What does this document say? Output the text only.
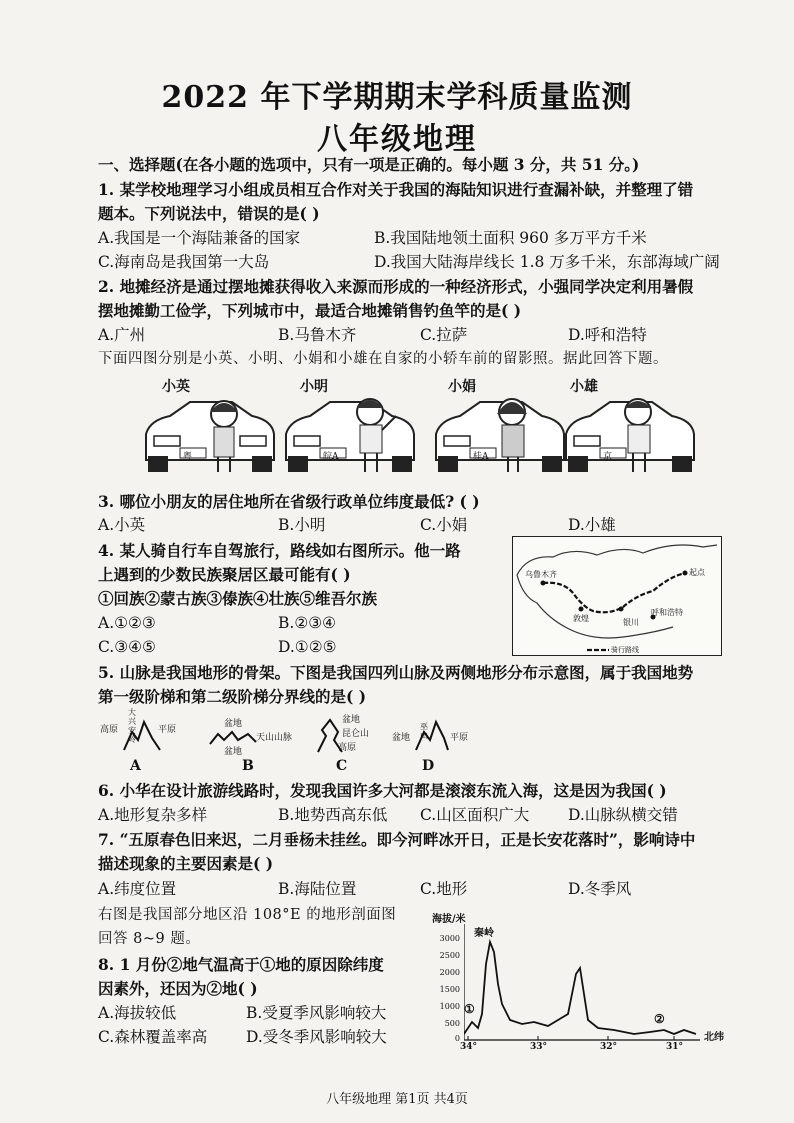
2022 年下学期期末学科质量监测
八年级地理
一、选择题(在各小题的选项中，只有一项是正确的。每小题 3 分，共 51 分。)
1. 某学校地理学习小组成员相互合作对关于我国的海陆知识进行查漏补缺，并整理了错
题本。下列说法中，错误的是( )
A.我国是一个海陆兼备的国家	B.我国陆地领土面积 960 多万平方千米
C.海南岛是我国第一大岛	D.我国大陆海岸线长 1.8 万多千米，东部海域广阔
2. 地摊经济是通过摆地摊获得收入来源而形成的一种经济形式，小强同学决定利用暑假
摆地摊勤工俭学，下列城市中，最适合地摊销售钓鱼竿的是( )
A.广州	B.马鲁木齐	C.拉萨	D.呼和浩特
下面四图分别是小英、小明、小娟和小雄在自家的小轿车前的留影照。据此回答下题。
小英
粤
小明
皖A
小娟
桂A
小雄
京
3. 哪位小朋友的居住地所在省级行政单位纬度最低? ( )
A.小英	B.小明	C.小娟	D.小雄
4. 某人骑自行车自驾旅行，路线如右图所示。他一路
上遇到的少数民族聚居区最可能有( )
①回族②蒙古族③傣族④壮族⑤维吾尔族
A.①②③	B.②③④
C.③④⑤	D.①②⑤
乌鲁木齐	起点
呼和浩特
敦煌	银川
骑行路线
5. 山脉是我国地形的骨架。下图是我国四列山脉及两侧地形分布示意图，属于我国地势
第一级阶梯和第二级阶梯分界线的是( )
高原
大兴安岭
平原
A
盆地
天山山脉
盆地
B
盆地
昆仑山
高原
C
盆地
巫山	平原
D
6. 小华在设计旅游线路时，发现我国许多大河都是滚滚东流入海，这是因为我国( )
A.地形复杂多样	B.地势西高东低 C.山区面积广大	D.山脉纵横交错
7. “五原春色旧来迟，二月垂杨未挂丝。即今河畔冰开日，正是长安花落时”，影响诗中
描述现象的主要因素是( )
A.纬度位置	B.海陆位置	C.地形	D.冬季风
右图是我国部分地区沿 108°E 的地形剖面图
回答 8~9 题。
8. 1 月份②地气温高于①地的原因除纬度
因素外，还因为②地( )
A.海拔较低	B.受夏季风影响较大
C.森林覆盖率高	D.受冬季风影响较大
海拔/米
秦岭
3000
2500
2000
1500
1000
500
0
①
②
34°	33°	32°	31°
北纬
八年级地理 第1页 共4页
